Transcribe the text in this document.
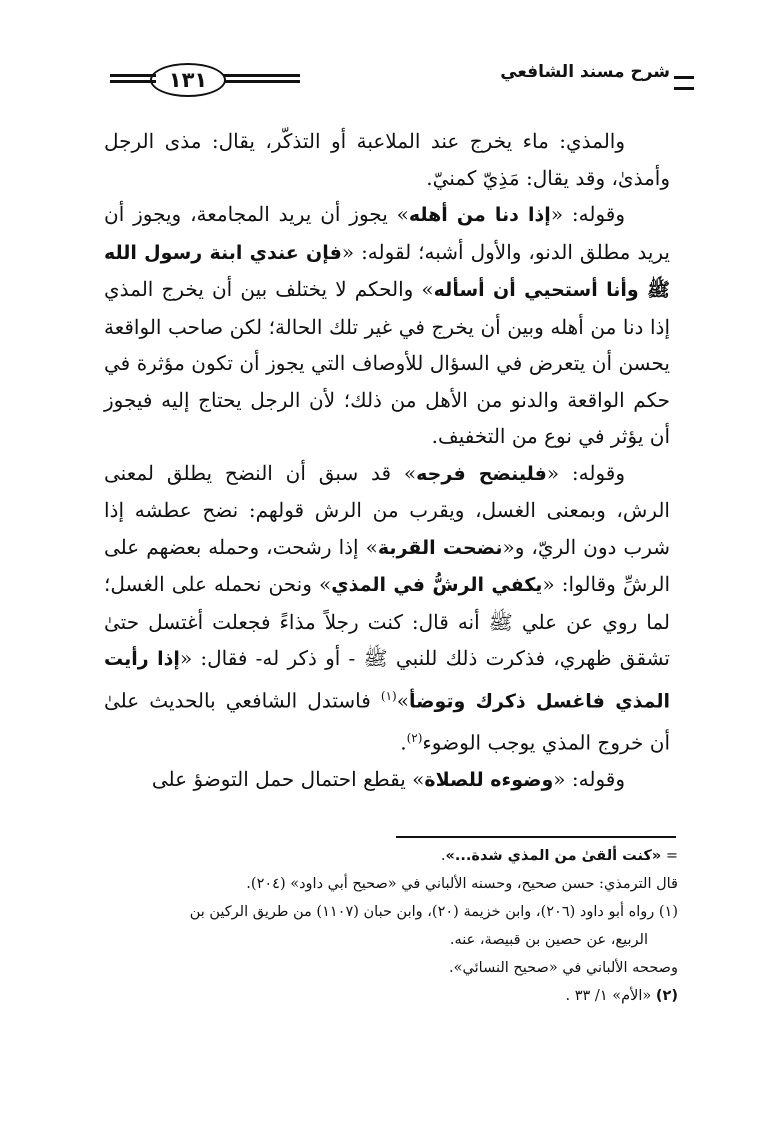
شرح مسند الشافعي
١٣١

والمذي: ماء يخرج عند الملاعبة أو التذكّر، يقال: مذى الرجل وأمذىٰ، وقد يقال: مَذِيّ كمنيّ.

وقوله: «إذا دنا من أهله» يجوز أن يريد المجامعة، ويجوز أن يريد مطلق الدنو، والأول أشبه؛ لقوله: «فإن عندي ابنة رسول الله ﷺ وأنا أستحيي أن أسأله» والحكم لا يختلف بين أن يخرج المذي إذا دنا من أهله وبين أن يخرج في غير تلك الحالة؛ لكن صاحب الواقعة يحسن أن يتعرض في السؤال للأوصاف التي يجوز أن تكون مؤثرة في حكم الواقعة والدنو من الأهل من ذلك؛ لأن الرجل يحتاج إليه فيجوز أن يؤثر في نوع من التخفيف.

وقوله: «فلينضح فرجه» قد سبق أن النضح يطلق لمعنى الرش، وبمعنى الغسل، ويقرب من الرش قولهم: نضح عطشه إذا شرب دون الريّ، و«نضحت القربة» إذا رشحت، وحمله بعضهم على الرشِّ وقالوا: «يكفي الرشُّ في المذي» ونحن نحمله على الغسل؛ لما روي عن علي ﷺ أنه قال: كنت رجلاً مذاءً فجعلت أغتسل حتىٰ تشقق ظهري، فذكرت ذلك للنبي ﷺ - أو ذكر له- فقال: «إذا رأيت المذي فاغسل ذكرك وتوضأ»$^{(١)}$ فاستدل الشافعي بالحديث علىٰ أن خروج المذي يوجب الوضوء$^{(٢)}$.

وقوله: «وضوءه للصلاة» يقطع احتمال حمل التوضؤ على

= «كنت ألقىٰ من المذي شدة...».

قال الترمذي: حسن صحيح، وحسنه الألباني في «صحيح أبي داود» (٢٠٤).

(١) رواه أبو داود (٢٠٦)، وابن خزيمة (٢٠)، وابن حبان (١١٠٧) من طريق الركين بن

الربيع، عن حصين بن قبيصة، عنه.

وصححه الألباني في «صحيح النسائي».

(٢) «الأم» ١/ ٣٣ .
